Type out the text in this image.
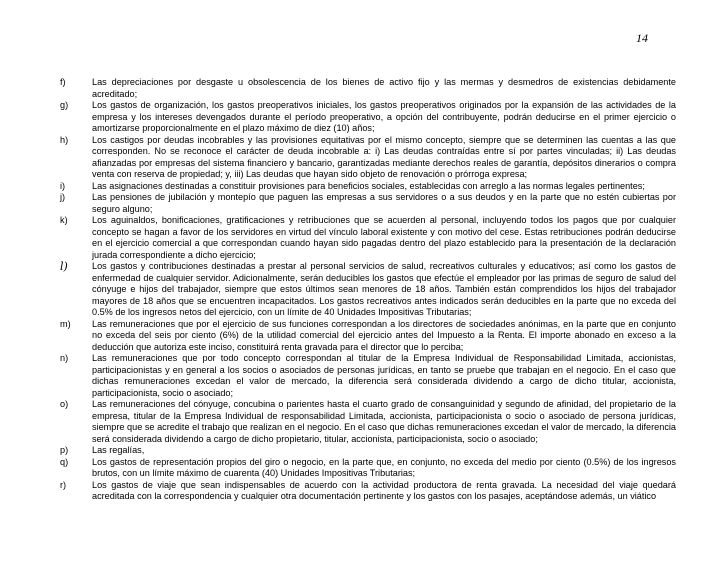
14
f)	Las depreciaciones por desgaste u obsolescencia de los bienes de activo fijo y las mermas y desmedros de existencias debidamente acreditado;
g)	Los gastos de organización, los gastos preoperativos iniciales, los gastos preoperativos originados por la expansión de las actividades de la empresa y los intereses devengados durante el período preoperativo, a opción del contribuyente, podrán deducirse en el primer ejercicio o amortizarse proporcionalmente en el plazo máximo de diez (10) años;
h)	Los castigos por deudas incobrables y las provisiones equitativas por el mismo concepto, siempre que se determinen las cuentas a las que corresponden. No se reconoce el carácter de deuda incobrable a: i) Las deudas contraídas entre sí por partes vinculadas; ii) Las deudas afianzadas por empresas del sistema financiero y bancario, garantizadas mediante derechos reales de garantía, depósitos dinerarios o compra venta con reserva de propiedad; y, iii) Las deudas que hayan sido objeto de renovación o prórroga expresa;
i)	Las asignaciones destinadas a constituir provisiones para beneficios sociales, establecidas con arreglo a las normas legales pertinentes;
j)	Las pensiones de jubilación y montepío que paguen las empresas a sus servidores o a sus deudos y en la parte que no estén cubiertas por seguro alguno;
k)	Los aguinaldos, bonificaciones, gratificaciones y retribuciones que se acuerden al personal, incluyendo todos los pagos que por cualquier concepto se hagan a favor de los servidores en virtud del vínculo laboral existente y con motivo del cese. Estas retribuciones podrán deducirse en el ejercicio comercial a que correspondan cuando hayan sido pagadas dentro del plazo establecido para la presentación de la declaración jurada correspondiente a dicho ejercicio;
l)	Los gastos y contribuciones destinadas a prestar al personal servicios de salud, recreativos culturales y educativos; así como los gastos de enfermedad de cualquier servidor. Adicionalmente, serán deducibles los gastos que efectúe el empleador por las primas de seguro de salud del cónyuge e hijos del trabajador, siempre que estos últimos sean menores de 18 años. También están comprendidos los hijos del trabajador mayores de 18 años que se encuentren incapacitados. Los gastos recreativos antes indicados serán deducibles en la parte que no exceda del 0.5% de los ingresos netos del ejercicio, con un límite de 40 Unidades Impositivas Tributarias;
m)	Las remuneraciones que por el ejercicio de sus funciones correspondan a los directores de sociedades anónimas, en la parte que en conjunto no exceda del seis por ciento (6%) de la utilidad comercial del ejercicio antes del Impuesto a la Renta. El importe abonado en exceso a la deducción que autoriza este inciso, constituirá renta gravada para el director que lo perciba;
n)	Las remuneraciones que por todo concepto correspondan al titular de la Empresa Individual de Responsabilidad Limitada, accionistas, participacionistas y en general a los socios o asociados de personas jurídicas, en tanto se pruebe que trabajan en el negocio. En el caso que dichas remuneraciones excedan el valor de mercado, la diferencia será considerada dividendo a cargo de dicho titular, accionista, participacionista, socio o asociado;
o)	Las remuneraciones del cónyuge, concubina o parientes hasta el cuarto grado de consanguinidad y segundo de afinidad, del propietario de la empresa, titular de la Empresa Individual de responsabilidad Limitada, accionista, participacionista o socio o asociado de persona jurídicas, siempre que se acredite el trabajo que realizan en el negocio. En el caso que dichas remuneraciones excedan el valor de mercado, la diferencia será considerada dividendo a cargo de dicho propietario, titular, accionista, participacionista, socio o asociado;
p)	Las regalías,
q)	Los gastos de representación propios del giro o negocio, en la parte que, en conjunto, no exceda del medio por ciento (0.5%) de los ingresos brutos, con un límite máximo de cuarenta (40) Unidades Impositivas Tributarias;
r)	Los gastos de viaje que sean indispensables de acuerdo con la actividad productora de renta gravada. La necesidad del viaje quedará acreditada con la correspondencia y cualquier otra documentación pertinente y los gastos con los pasajes, aceptándose además, un viático
